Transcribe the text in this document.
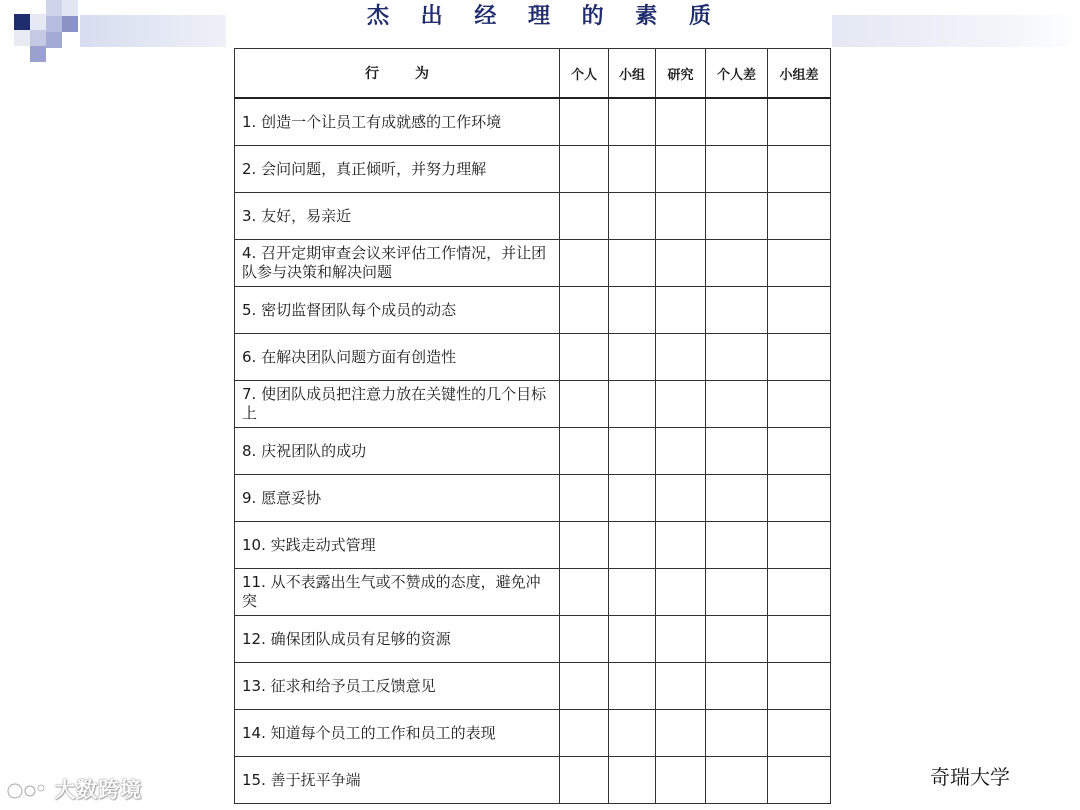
杰 出 经 理 的 素 质
行为	个人	小组	研究	个人差	小组差
1. 创造一个让员工有成就感的工作环境					
2. 会问问题，真正倾听，并努力理解					
3. 友好，易亲近					
4. 召开定期审查会议来评估工作情况，并让团队参与决策和解决问题					
5. 密切监督团队每个成员的动态					
6. 在解决团队问题方面有创造性					
7. 使团队成员把注意力放在关键性的几个目标上					
8. 庆祝团队的成功					
9. 愿意妥协					
10. 实践走动式管理					
11. 从不表露出生气或不赞成的态度，避免冲突					
12. 确保团队成员有足够的资源					
13. 征求和给予员工反馈意见					
14. 知道每个员工的工作和员工的表现					
15. 善于抚平争端					
大数跨境
奇瑞大学
